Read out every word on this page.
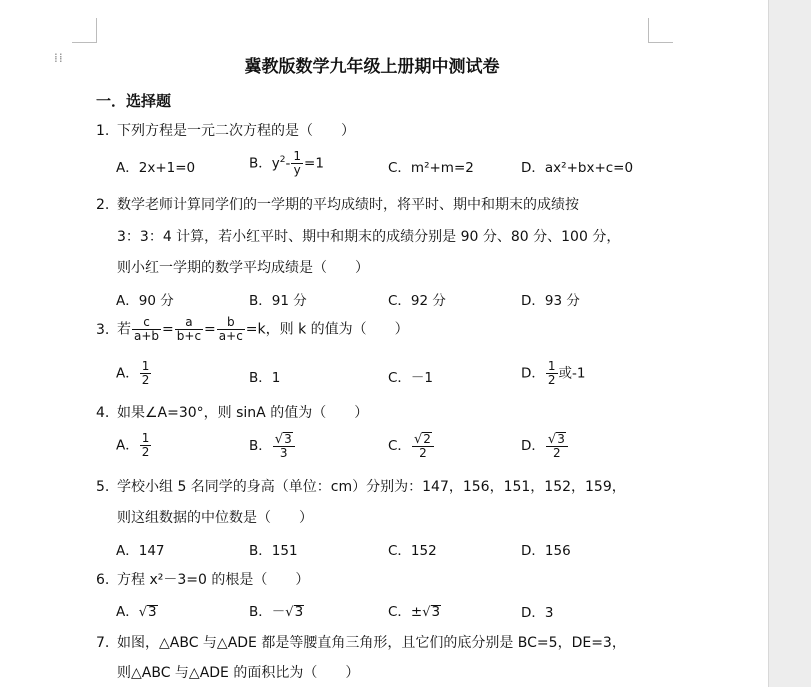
⁞⁞	冀教版数学九年级上册期中测试卷
一．选择题
1. 下列方程是一元二次方程的是（　　）
A．2x+1=0	B．$y^2- \frac{1}{y} =1$	C．m²+m=2	D．ax²+bx+c=0
2. 数学老师计算同学们的一学期的平均成绩时，将平时、期中和期末的成绩按
3：3：4 计算，若小红平时、期中和期末的成绩分别是 90 分、80 分、100 分，
则小红一学期的数学平均成绩是（　　）
A．90 分	B．91 分	C．92 分	D．93 分
3. 若 $\frac{c}{a+b} = \frac{a}{b+c} = \frac{b}{a+c} =k$，则 k 的值为（　　）
A． $\frac{1}{2}$	B．1	C．－1	D． $\frac{1}{2}$ 或-1
4. 如果∠A=30°，则 sinA 的值为（　　）
A． $\frac{1}{2}$	B． $\frac{√3}{3}$	C． $\frac{√2}{2}$	D． $\frac{√3}{2}$
5. 学校小组 5 名同学的身高（单位：cm）分别为：147，156，151，152，159，
则这组数据的中位数是（　　）
A．147	B．151	C．152	D．156
6. 方程 x²－3=0 的根是（　　）
A．√3	B．－√3	C．±√3	D．3
7. 如图，△ABC 与△ADE 都是等腰直角三角形，且它们的底分别是 BC=5，DE=3，
则△ABC 与△ADE 的面积比为（　　）
